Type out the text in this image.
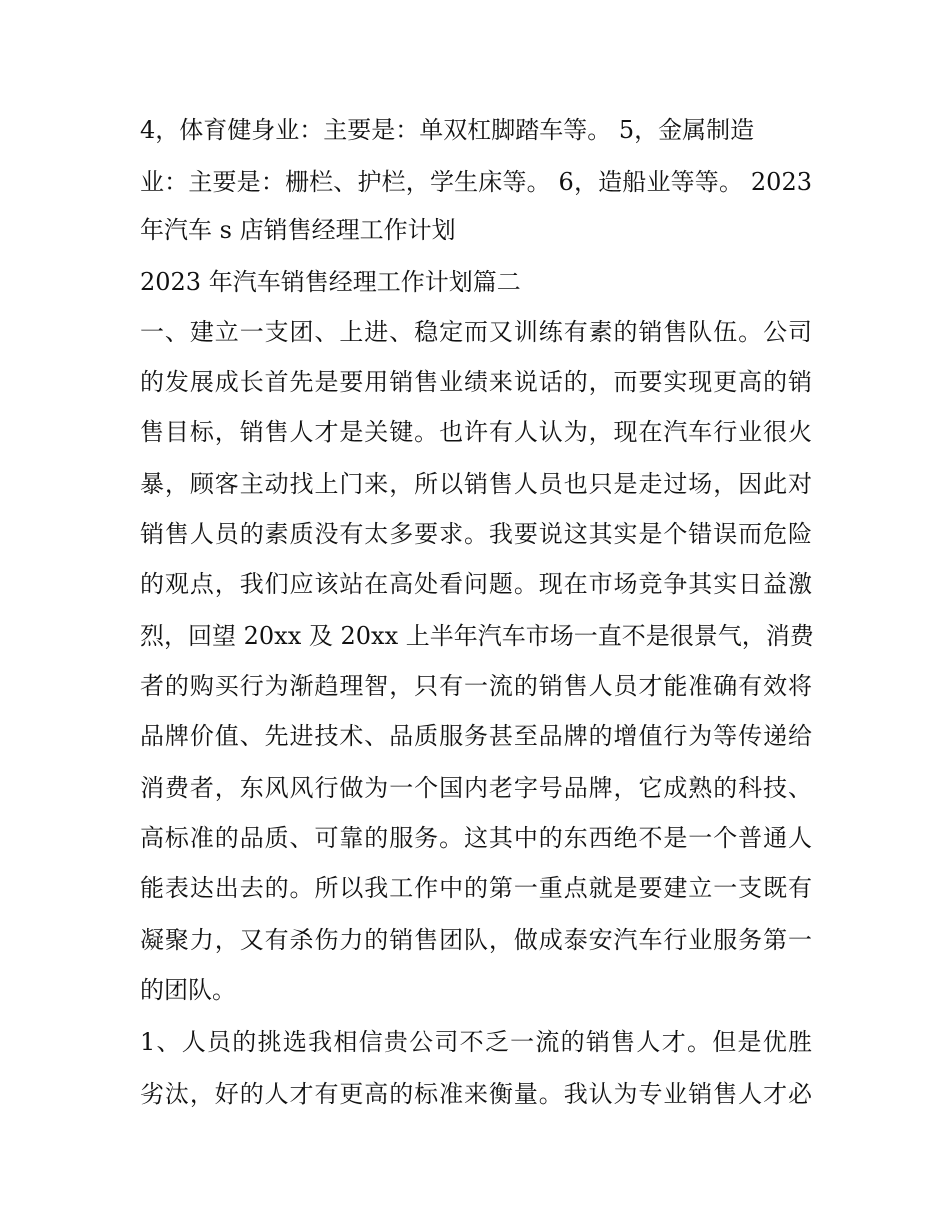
4，体育健身业：主要是：单双杠脚踏车等。 5，金属制造
业：主要是：栅栏、护栏，学生床等。 6，造船业等等。 2023
年汽车 s 店销售经理工作计划
2023 年汽车销售经理工作计划篇二
一、建立一支团、上进、稳定而又训练有素的销售队伍。公司
的发展成长首先是要用销售业绩来说话的，而要实现更高的销
售目标，销售人才是关键。也许有人认为，现在汽车行业很火
暴，顾客主动找上门来，所以销售人员也只是走过场，因此对
销售人员的素质没有太多要求。我要说这其实是个错误而危险
的观点，我们应该站在高处看问题。现在市场竞争其实日益激
烈，回望 20xx 及 20xx 上半年汽车市场一直不是很景气，消费
者的购买行为渐趋理智，只有一流的销售人员才能准确有效将
品牌价值、先进技术、品质服务甚至品牌的增值行为等传递给
消费者，东风风行做为一个国内老字号品牌，它成熟的科技、
高标准的品质、可靠的服务。这其中的东西绝不是一个普通人
能表达出去的。所以我工作中的第一重点就是要建立一支既有
凝聚力，又有杀伤力的销售团队，做成泰安汽车行业服务第一
的团队。
1、人员的挑选我相信贵公司不乏一流的销售人才。但是优胜
劣汰，好的人才有更高的标准来衡量。我认为专业销售人才必
